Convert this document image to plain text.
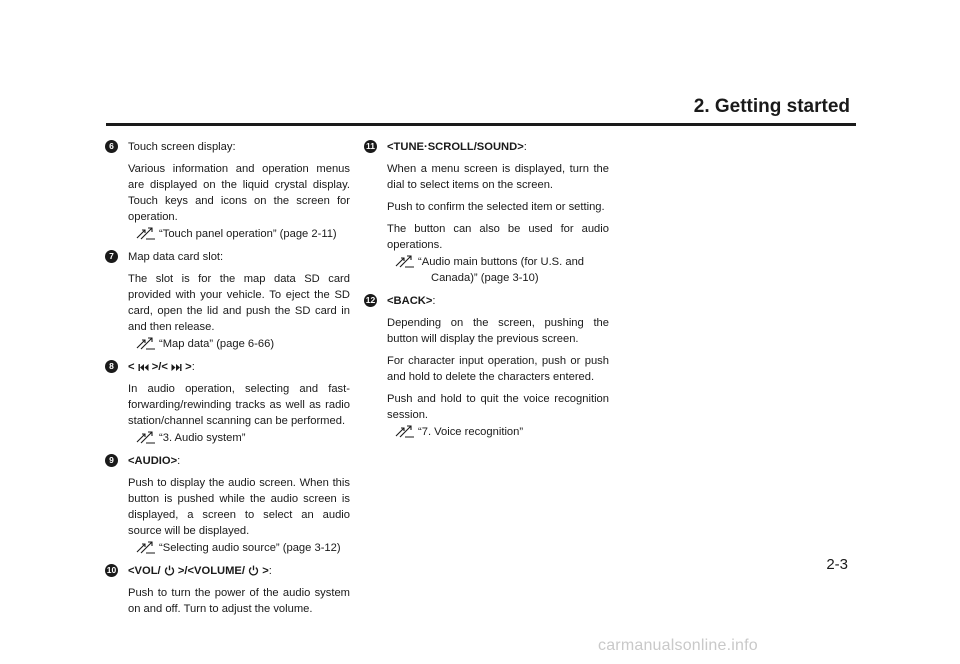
2. Getting started
6	Touch screen display:
Various information and operation menus are displayed on the liquid crystal display. Touch keys and icons on the screen for operation.
“Touch panel operation” (page 2-11)
7	Map data card slot:
The slot is for the map data SD card provided with your vehicle. To eject the SD card, open the lid and push the SD card in and then release.
“Map data” (page 6-66)
8	< >/< >:
In audio operation, selecting and fast-forwarding/rewinding tracks as well as radio station/channel scanning can be performed.
“3. Audio system”
9	<AUDIO>:
Push to display the audio screen. When this button is pushed while the audio screen is displayed, a screen to select an audio source will be displayed.
“Selecting audio source” (page 3-12)
10 <VOL/ >/<VOLUME/ >:
Push to turn the power of the audio system on and off. Turn to adjust the volume.
11 <TUNE·SCROLL/SOUND>:
When a menu screen is displayed, turn the dial to select items on the screen.
Push to confirm the selected item or setting.
The button can also be used for audio operations.
“Audio main buttons (for U.S. and
Canada)” (page 3-10)
12 <BACK>:
Depending on the screen, pushing the button will display the previous screen.
For character input operation, push or push and hold to delete the characters entered.
Push and hold to quit the voice recognition session.
“7. Voice recognition”
2-3
carmanualsonline.info
